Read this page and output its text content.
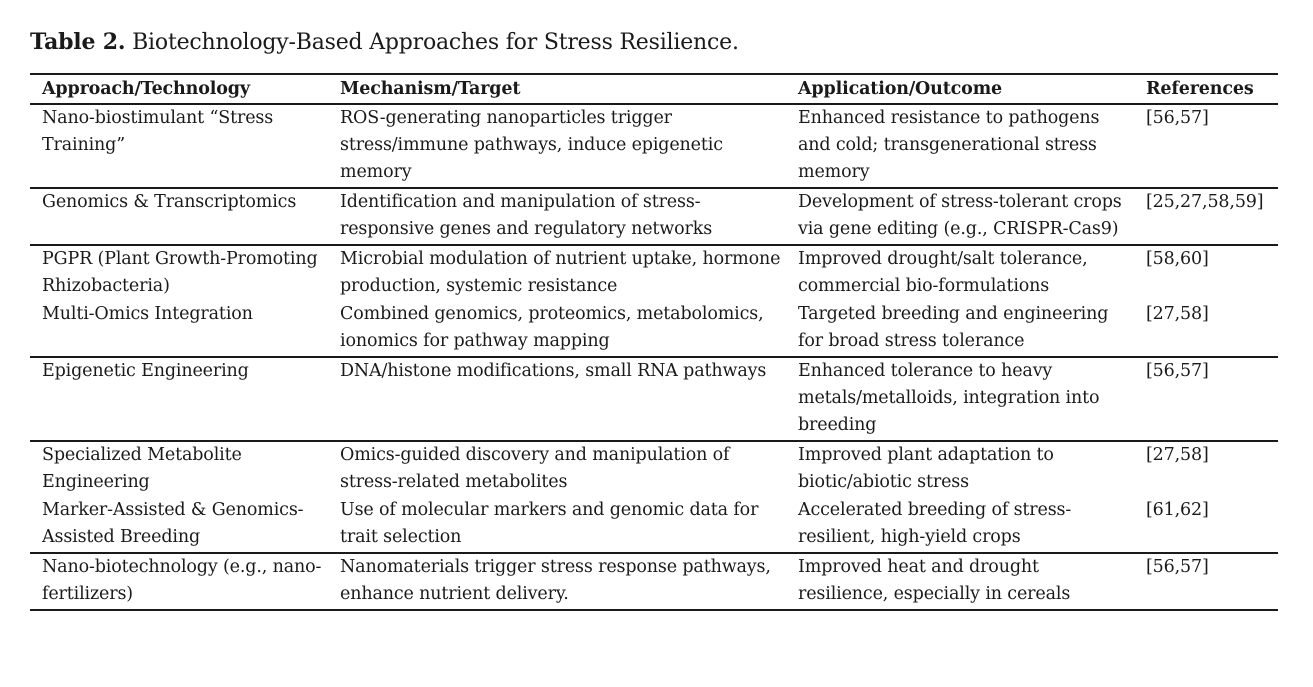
Table 2. Biotechnology-Based Approaches for Stress Resilience.
Approach/Technology	Mechanism/Target	Application/Outcome	References
Nano-biostimulant “Stress Training”	ROS-generating nanoparticles trigger stress/immune pathways, induce epigenetic memory	Enhanced resistance to pathogens and cold; transgenerational stress memory	[56,57]
Genomics & Transcriptomics	Identification and manipulation of stress-responsive genes and regulatory networks	Development of stress-tolerant crops via gene editing (e.g., CRISPR-Cas9)	[25,27,58,59]
PGPR (Plant Growth-Promoting Rhizobacteria)	Microbial modulation of nutrient uptake, hormone production, systemic resistance	Improved drought/salt tolerance, commercial bio-formulations	[58,60]
Multi-Omics Integration	Combined genomics, proteomics, metabolomics, ionomics for pathway mapping	Targeted breeding and engineering for broad stress tolerance	[27,58]
Epigenetic Engineering	DNA/histone modifications, small RNA pathways	Enhanced tolerance to heavy metals/metalloids, integration into breeding	[56,57]
Specialized Metabolite Engineering	Omics-guided discovery and manipulation of stress-related metabolites	Improved plant adaptation to biotic/abiotic stress	[27,58]
Marker-Assisted & Genomics-Assisted Breeding	Use of molecular markers and genomic data for trait selection	Accelerated breeding of stress-resilient, high-yield crops	[61,62]
Nano-biotechnology (e.g., nano-fertilizers)	Nanomaterials trigger stress response pathways, enhance nutrient delivery.	Improved heat and drought resilience, especially in cereals	[56,57]
